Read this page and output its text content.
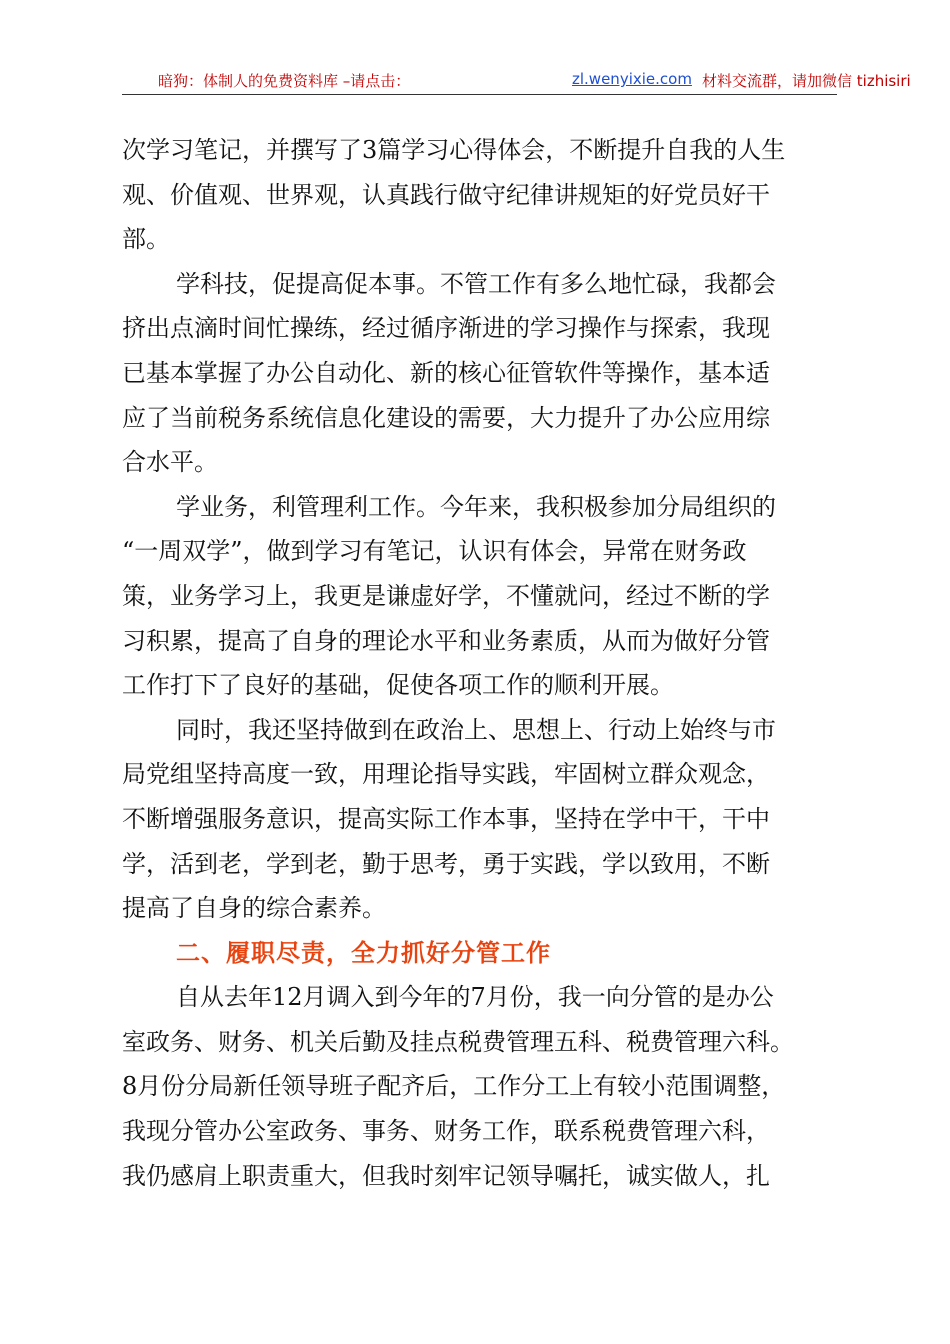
暗狗：体制人的免费资料库 –请点击：	zl.wenyixie.com 材料交流群，请加微信 tizhisiri
次学习笔记，并撰写了3篇学习心得体会，不断提升自我的人生
观、价值观、世界观，认真践行做守纪律讲规矩的好党员好干
部。
学科技，促提高促本事。不管工作有多么地忙碌，我都会
挤出点滴时间忙操练，经过循序渐进的学习操作与探索，我现
已基本掌握了办公自动化、新的核心征管软件等操作，基本适
应了当前税务系统信息化建设的需要，大力提升了办公应用综
合水平。
学业务，利管理利工作。今年来，我积极参加分局组织的
“一周双学”，做到学习有笔记，认识有体会，异常在财务政
策，业务学习上，我更是谦虚好学，不懂就问，经过不断的学
习积累，提高了自身的理论水平和业务素质，从而为做好分管
工作打下了良好的基础，促使各项工作的顺利开展。
同时，我还坚持做到在政治上、思想上、行动上始终与市
局党组坚持高度一致，用理论指导实践，牢固树立群众观念，
不断增强服务意识，提高实际工作本事，坚持在学中干，干中
学，活到老，学到老，勤于思考，勇于实践，学以致用，不断
提高了自身的综合素养。
二、履职尽责，全力抓好分管工作
自从去年12月调入到今年的7月份，我一向分管的是办公
室政务、财务、机关后勤及挂点税费管理五科、税费管理六科。
8月份分局新任领导班子配齐后，工作分工上有较小范围调整，
我现分管办公室政务、事务、财务工作，联系税费管理六科，
我仍感肩上职责重大，但我时刻牢记领导嘱托，诚实做人，扎
